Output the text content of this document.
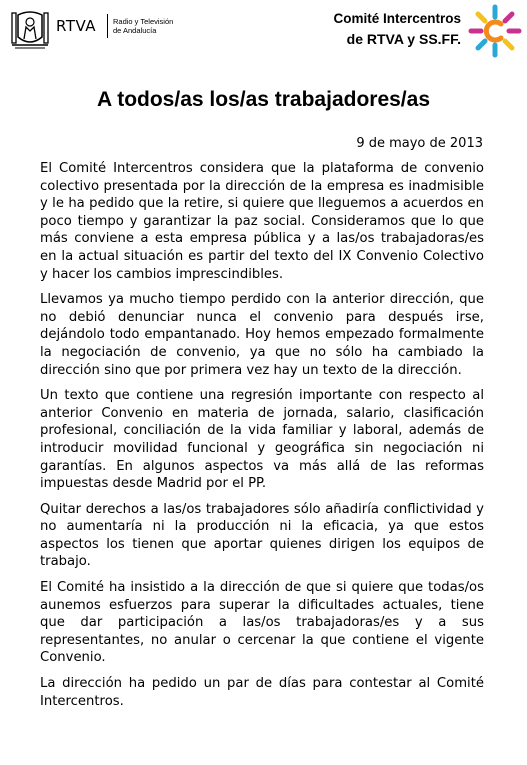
RTVA Radio y Televisión
de Andalucía
Comité Intercentros
de RTVA y SS.FF.
A todos/as los/as trabajadores/as
9 de mayo de 2013

El Comité Intercentros considera que la plataforma de convenio colectivo presentada por la dirección de la empresa es inadmisible y le ha pedido que la retire, si quiere que lleguemos a acuerdos en poco tiempo y garantizar la paz social. Consideramos que lo que más conviene a esta empresa pública y a las/os trabajadoras/es en la actual situación es partir del texto del IX Convenio Colectivo y hacer los cambios imprescindibles.

Llevamos ya mucho tiempo perdido con la anterior dirección, que no debió denunciar nunca el convenio para después irse, dejándolo todo empantanado. Hoy hemos empezado formalmente la negociación de convenio, ya que no sólo ha cambiado la dirección sino que por primera vez hay un texto de la dirección.

Un texto que contiene una regresión importante con respecto al anterior Convenio en materia de jornada, salario, clasificación profesional, conciliación de la vida familiar y laboral, además de introducir movilidad funcional y geográfica sin negociación ni garantías. En algunos aspectos va más allá de las reformas impuestas desde Madrid por el PP.

Quitar derechos a las/os trabajadores sólo añadiría conflictividad y no aumentaría ni la producción ni la eficacia, ya que estos aspectos los tienen que aportar quienes dirigen los equipos de trabajo.

El Comité ha insistido a la dirección de que si quiere que todas/os aunemos esfuerzos para superar la dificultades actuales, tiene que dar participación a las/os trabajadoras/es y a sus representantes, no anular o cercenar la que contiene el vigente Convenio.

La dirección ha pedido un par de días para contestar al Comité Intercentros.
